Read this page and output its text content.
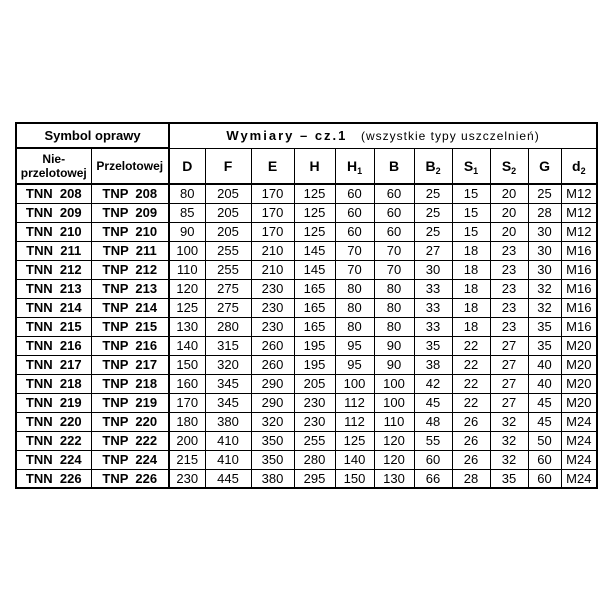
Symbol oprawy		Wymiary – cz.1 (wszystkie typy uszczelnień)										
Nie-
przelotowej	Przelotowej	D	F	E	H	$H_1$	B	$B_2$	$S_1$	$S_2$	G	$d_2$
TNN  208	TNP  208	80	205	170	125	60	60	25	15	20	25	M12
TNN  209	TNP  209	85	205	170	125	60	60	25	15	20	28	M12
TNN  210	TNP  210	90	205	170	125	60	60	25	15	20	30	M12
TNN  211	TNP  211	100	255	210	145	70	70	27	18	23	30	M16
TNN  212	TNP  212	110	255	210	145	70	70	30	18	23	30	M16
TNN  213	TNP  213	120	275	230	165	80	80	33	18	23	32	M16
TNN  214	TNP  214	125	275	230	165	80	80	33	18	23	32	M16
TNN  215	TNP  215	130	280	230	165	80	80	33	18	23	35	M16
TNN  216	TNP  216	140	315	260	195	95	90	35	22	27	35	M20
TNN  217	TNP  217	150	320	260	195	95	90	38	22	27	40	M20
TNN  218	TNP  218	160	345	290	205	100	100	42	22	27	40	M20
TNN  219	TNP  219	170	345	290	230	112	100	45	22	27	45	M20
TNN  220	TNP  220	180	380	320	230	112	110	48	26	32	45	M24
TNN  222	TNP  222	200	410	350	255	125	120	55	26	32	50	M24
TNN  224	TNP  224	215	410	350	280	140	120	60	26	32	60	M24
TNN  226	TNP  226	230	445	380	295	150	130	66	28	35	60	M24
